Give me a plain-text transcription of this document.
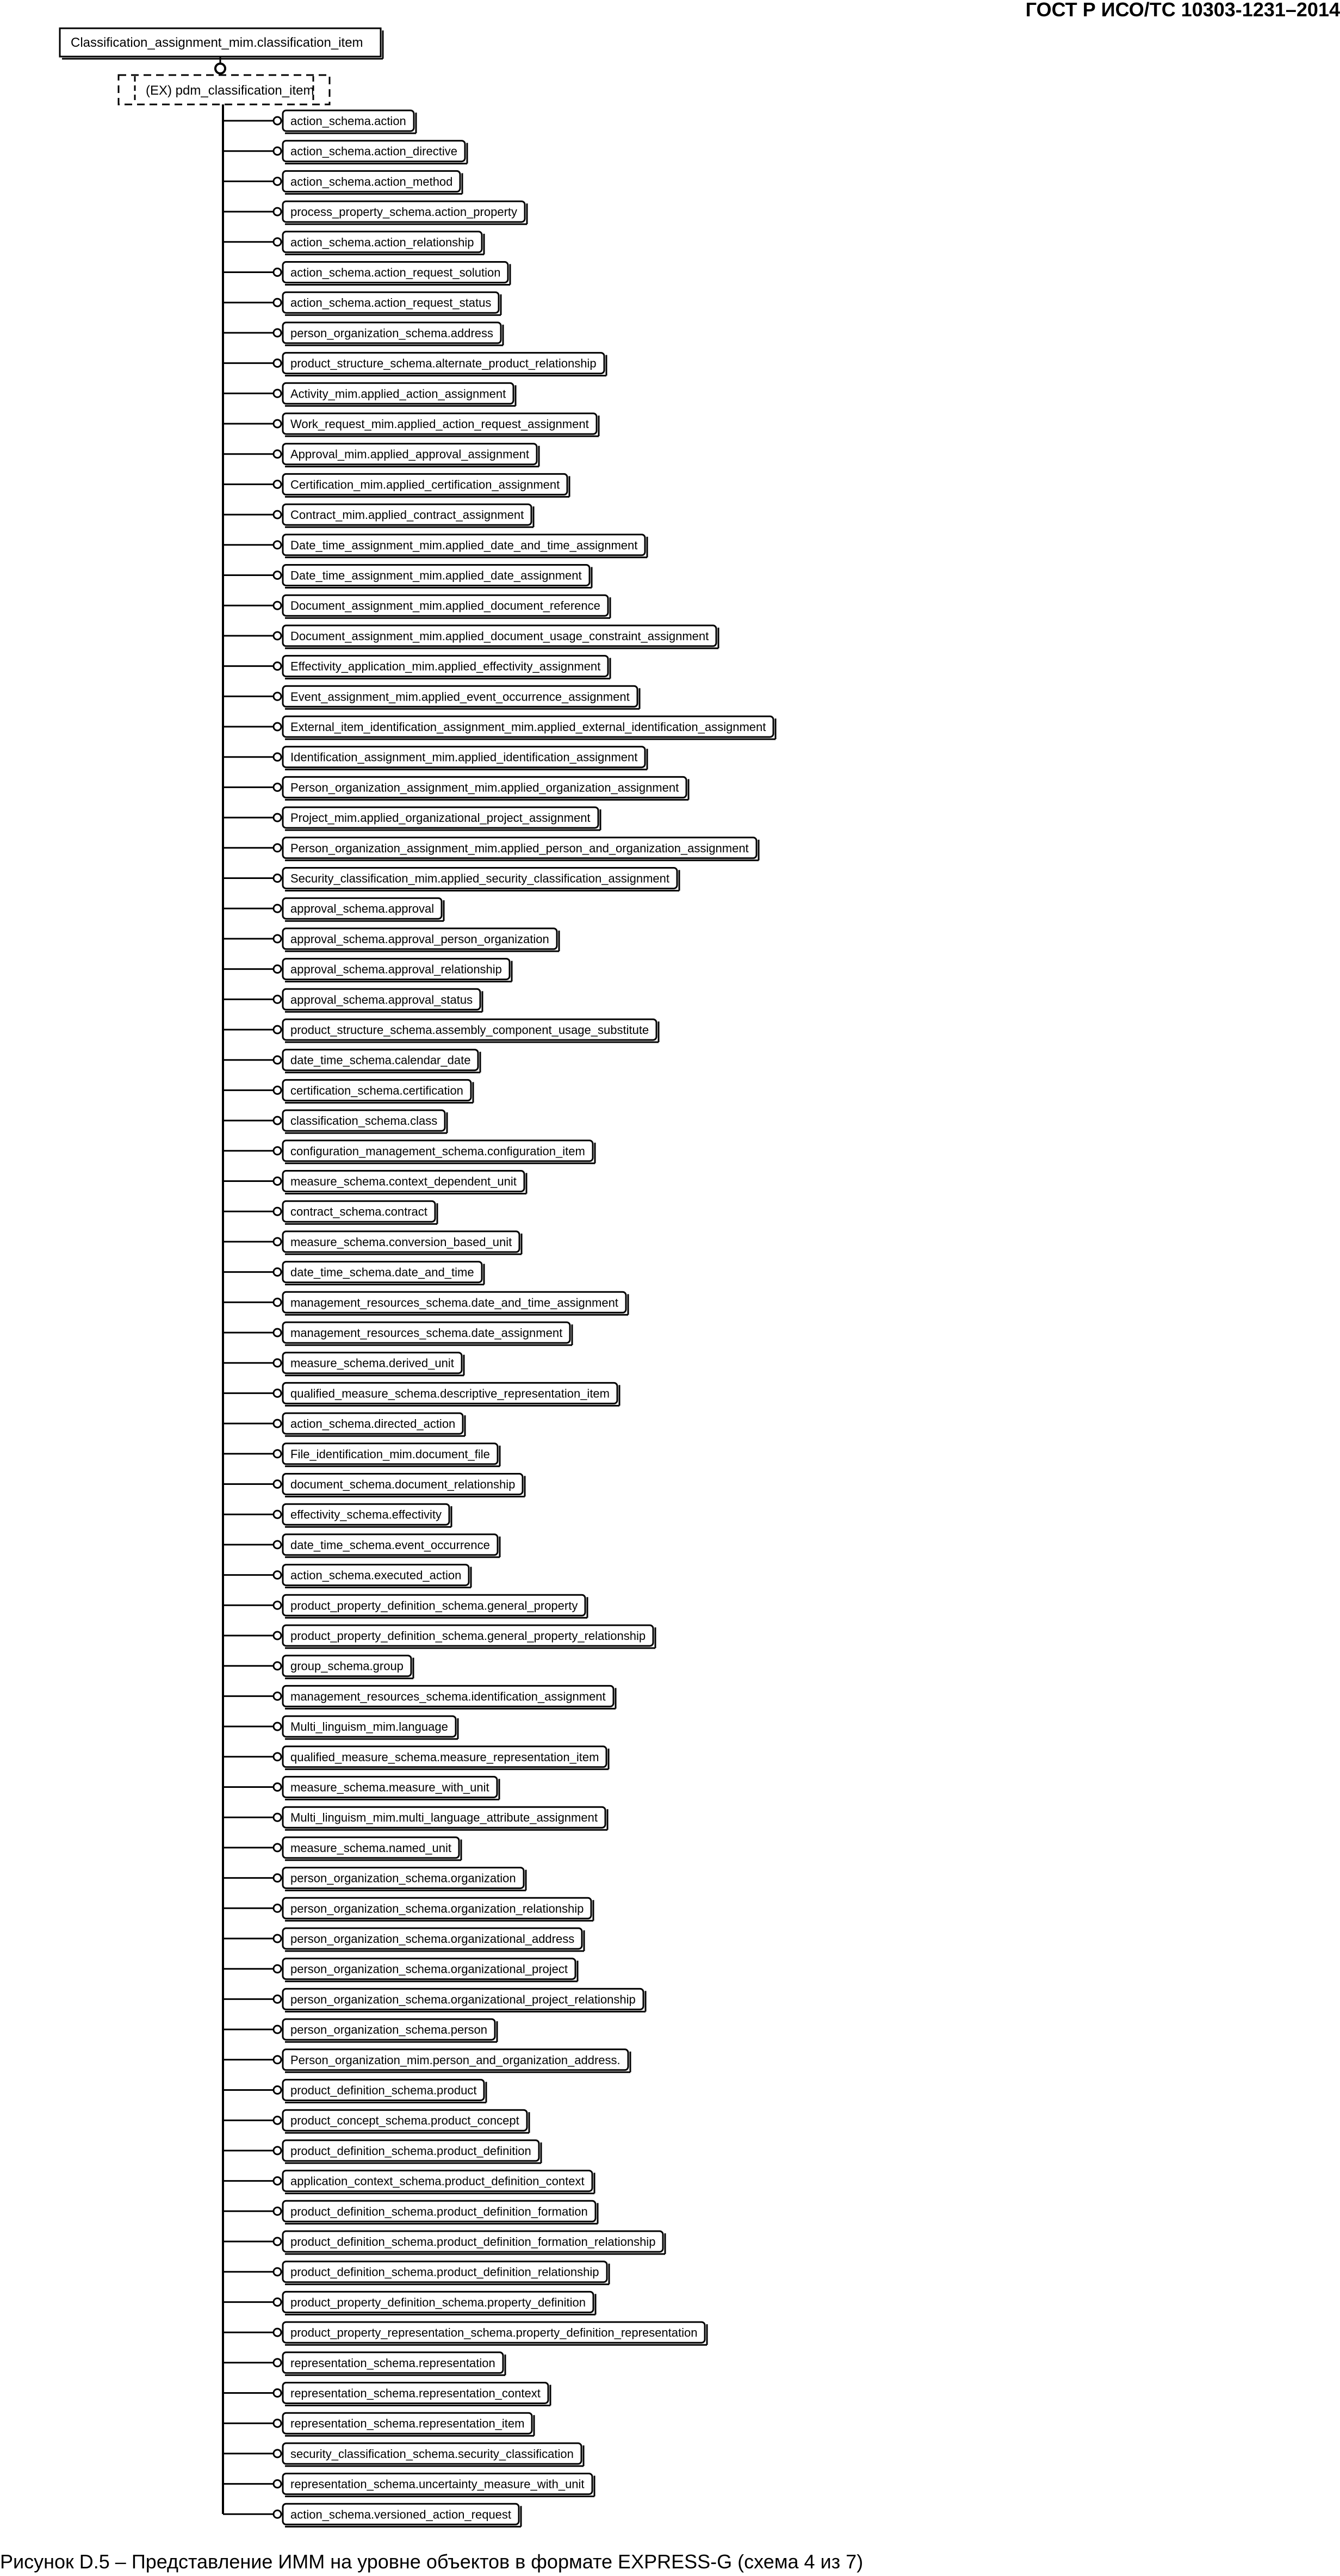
ГОСТ Р ИСО/ТС 10303-1231–2014
Classification_assignment_mim.classification_item
(EX) pdm_classification_item
action_schema.action
action_schema.action_directive
action_schema.action_method
process_property_schema.action_property
action_schema.action_relationship
action_schema.action_request_solution
action_schema.action_request_status
person_organization_schema.address
product_structure_schema.alternate_product_relationship
Activity_mim.applied_action_assignment
Work_request_mim.applied_action_request_assignment
Approval_mim.applied_approval_assignment
Certification_mim.applied_certification_assignment
Contract_mim.applied_contract_assignment
Date_time_assignment_mim.applied_date_and_time_assignment
Date_time_assignment_mim.applied_date_assignment
Document_assignment_mim.applied_document_reference
Document_assignment_mim.applied_document_usage_constraint_assignment
Effectivity_application_mim.applied_effectivity_assignment
Event_assignment_mim.applied_event_occurrence_assignment
External_item_identification_assignment_mim.applied_external_identification_assignment
Identification_assignment_mim.applied_identification_assignment
Person_organization_assignment_mim.applied_organization_assignment
Project_mim.applied_organizational_project_assignment
Person_organization_assignment_mim.applied_person_and_organization_assignment
Security_classification_mim.applied_security_classification_assignment
approval_schema.approval
approval_schema.approval_person_organization
approval_schema.approval_relationship
approval_schema.approval_status
product_structure_schema.assembly_component_usage_substitute
date_time_schema.calendar_date
certification_schema.certification
classification_schema.class
configuration_management_schema.configuration_item
measure_schema.context_dependent_unit
contract_schema.contract
measure_schema.conversion_based_unit
date_time_schema.date_and_time
management_resources_schema.date_and_time_assignment
management_resources_schema.date_assignment
measure_schema.derived_unit
qualified_measure_schema.descriptive_representation_item
action_schema.directed_action
File_identification_mim.document_file
document_schema.document_relationship
effectivity_schema.effectivity
date_time_schema.event_occurrence
action_schema.executed_action
product_property_definition_schema.general_property
product_property_definition_schema.general_property_relationship
group_schema.group
management_resources_schema.identification_assignment
Multi_linguism_mim.language
qualified_measure_schema.measure_representation_item
measure_schema.measure_with_unit
Multi_linguism_mim.multi_language_attribute_assignment
measure_schema.named_unit
person_organization_schema.organization
person_organization_schema.organization_relationship
person_organization_schema.organizational_address
person_organization_schema.organizational_project
person_organization_schema.organizational_project_relationship
person_organization_schema.person
Person_organization_mim.person_and_organization_address.
product_definition_schema.product
product_concept_schema.product_concept
product_definition_schema.product_definition
application_context_schema.product_definition_context
product_definition_schema.product_definition_formation
product_definition_schema.product_definition_formation_relationship
product_definition_schema.product_definition_relationship
product_property_definition_schema.property_definition
product_property_representation_schema.property_definition_representation
representation_schema.representation
representation_schema.representation_context
representation_schema.representation_item
security_classification_schema.security_classification
representation_schema.uncertainty_measure_with_unit
action_schema.versioned_action_request
Рисунок D.5 – Представление ИММ на уровне объектов в формате EXPRESS-G (схема 4 из 7)
